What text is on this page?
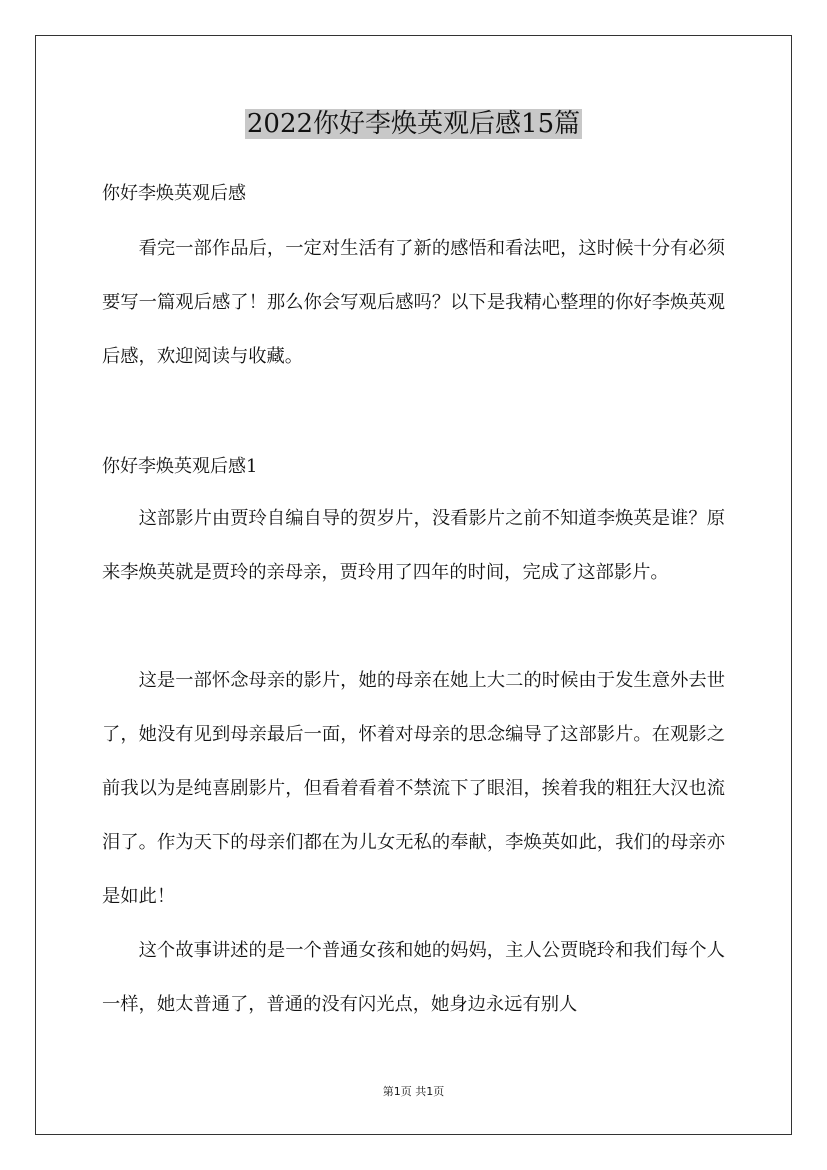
2022你好李焕英观后感15篇
你好李焕英观后感

看完一部作品后，一定对生活有了新的感悟和看法吧，这时候十分有必须要写一篇观后感了！那么你会写观后感吗？以下是我精心整理的你好李焕英观后感，欢迎阅读与收藏。

你好李焕英观后感1

这部影片由贾玲自编自导的贺岁片，没看影片之前不知道李焕英是谁？原来李焕英就是贾玲的亲母亲，贾玲用了四年的时间，完成了这部影片。

这是一部怀念母亲的影片，她的母亲在她上大二的时候由于发生意外去世了，她没有见到母亲最后一面，怀着对母亲的思念编导了这部影片。在观影之前我以为是纯喜剧影片，但看着看着不禁流下了眼泪，挨着我的粗狂大汉也流泪了。作为天下的母亲们都在为儿女无私的奉献，李焕英如此，我们的母亲亦是如此！

这个故事讲述的是一个普通女孩和她的妈妈，主人公贾晓玲和我们每个人一样，她太普通了，普通的没有闪光点，她身边永远有别人

第1页 共1页
